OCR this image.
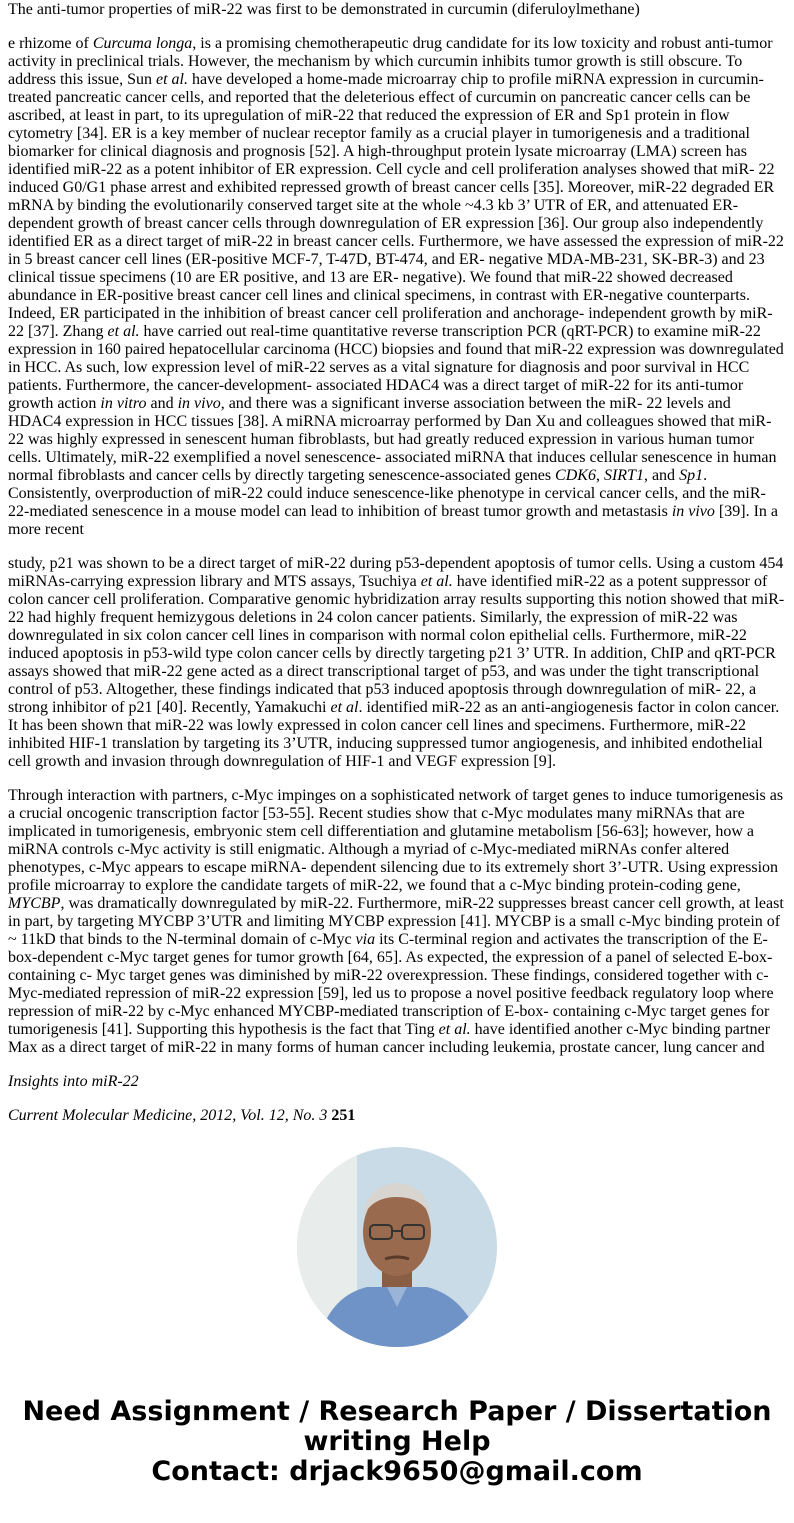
The anti-tumor properties of miR-22 was first to be demonstrated in curcumin (diferuloylmethane)

e rhizome of Curcuma longa, is a promising chemotherapeutic drug candidate for its low toxicity and robust anti-tumor activity in preclinical trials. However, the mechanism by which curcumin inhibits tumor growth is still obscure. To address this issue, Sun et al. have developed a home-made microarray chip to profile miRNA expression in curcumin-treated pancreatic cancer cells, and reported that the deleterious effect of curcumin on pancreatic cancer cells can be ascribed, at least in part, to its upregulation of miR-22 that reduced the expression of ER and Sp1 protein in flow cytometry [34]. ER is a key member of nuclear receptor family as a crucial player in tumorigenesis and a traditional biomarker for clinical diagnosis and prognosis [52]. A high-throughput protein lysate microarray (LMA) screen has identified miR-22 as a potent inhibitor of ER expression. Cell cycle and cell proliferation analyses showed that miR- 22 induced G0/G1 phase arrest and exhibited repressed growth of breast cancer cells [35]. Moreover, miR-22 degraded ER mRNA by binding the evolutionarily conserved target site at the whole ~4.3 kb 3’ UTR of ER, and attenuated ER-dependent growth of breast cancer cells through downregulation of ER expression [36]. Our group also independently identified ER as a direct target of miR-22 in breast cancer cells. Furthermore, we have assessed the expression of miR-22 in 5 breast cancer cell lines (ER-positive MCF-7, T-47D, BT-474, and ER- negative MDA-MB-231, SK-BR-3) and 23 clinical tissue specimens (10 are ER positive, and 13 are ER- negative). We found that miR-22 showed decreased abundance in ER-positive breast cancer cell lines and clinical specimens, in contrast with ER-negative counterparts. Indeed, ER participated in the inhibition of breast cancer cell proliferation and anchorage- independent growth by miR-22 [37]. Zhang et al. have carried out real-time quantitative reverse transcription PCR (qRT-PCR) to examine miR-22 expression in 160 paired hepatocellular carcinoma (HCC) biopsies and found that miR-22 expression was downregulated in HCC. As such, low expression level of miR-22 serves as a vital signature for diagnosis and poor survival in HCC patients. Furthermore, the cancer-development- associated HDAC4 was a direct target of miR-22 for its anti-tumor growth action in vitro and in vivo, and there was a significant inverse association between the miR- 22 levels and HDAC4 expression in HCC tissues [38]. A miRNA microarray performed by Dan Xu and colleagues showed that miR-22 was highly expressed in senescent human fibroblasts, but had greatly reduced expression in various human tumor cells. Ultimately, miR-22 exemplified a novel senescence- associated miRNA that induces cellular senescence in human normal fibroblasts and cancer cells by directly targeting senescence-associated genes CDK6, SIRT1, and Sp1. Consistently, overproduction of miR-22 could induce senescence-like phenotype in cervical cancer cells, and the miR-22-mediated senescence in a mouse model can lead to inhibition of breast tumor growth and metastasis in vivo [39]. In a more recent

study, p21 was shown to be a direct target of miR-22 during p53-dependent apoptosis of tumor cells. Using a custom 454 miRNAs-carrying expression library and MTS assays, Tsuchiya et al. have identified miR-22 as a potent suppressor of colon cancer cell proliferation. Comparative genomic hybridization array results supporting this notion showed that miR-22 had highly frequent hemizygous deletions in 24 colon cancer patients. Similarly, the expression of miR-22 was downregulated in six colon cancer cell lines in comparison with normal colon epithelial cells. Furthermore, miR-22 induced apoptosis in p53-wild type colon cancer cells by directly targeting p21 3’ UTR. In addition, ChIP and qRT-PCR assays showed that miR-22 gene acted as a direct transcriptional target of p53, and was under the tight transcriptional control of p53. Altogether, these findings indicated that p53 induced apoptosis through downregulation of miR- 22, a strong inhibitor of p21 [40]. Recently, Yamakuchi et al. identified miR-22 as an anti-angiogenesis factor in colon cancer. It has been shown that miR-22 was lowly expressed in colon cancer cell lines and specimens. Furthermore, miR-22 inhibited HIF-1 translation by targeting its 3’UTR, inducing suppressed tumor angiogenesis, and inhibited endothelial cell growth and invasion through downregulation of HIF-1 and VEGF expression [9].

Through interaction with partners, c-Myc impinges on a sophisticated network of target genes to induce tumorigenesis as a crucial oncogenic transcription factor [53-55]. Recent studies show that c-Myc modulates many miRNAs that are implicated in tumorigenesis, embryonic stem cell differentiation and glutamine metabolism [56-63]; however, how a miRNA controls c-Myc activity is still enigmatic. Although a myriad of c-Myc-mediated miRNAs confer altered phenotypes, c-Myc appears to escape miRNA- dependent silencing due to its extremely short 3’-UTR. Using expression profile microarray to explore the candidate targets of miR-22, we found that a c-Myc binding protein-coding gene, MYCBP, was dramatically downregulated by miR-22. Furthermore, miR-22 suppresses breast cancer cell growth, at least in part, by targeting MYCBP 3’UTR and limiting MYCBP expression [41]. MYCBP is a small c-Myc binding protein of ~ 11kD that binds to the N-terminal domain of c-Myc via its C-terminal region and activates the transcription of the E-box-dependent c-Myc target genes for tumor growth [64, 65]. As expected, the expression of a panel of selected E-box-containing c- Myc target genes was diminished by miR-22 overexpression. These findings, considered together with c-Myc-mediated repression of miR-22 expression [59], led us to propose a novel positive feedback regulatory loop where repression of miR-22 by c-Myc enhanced MYCBP-mediated transcription of E-box- containing c-Myc target genes for tumorigenesis [41]. Supporting this hypothesis is the fact that Ting et al. have identified another c-Myc binding partner Max as a direct target of miR-22 in many forms of human cancer including leukemia, prostate cancer, lung cancer and

Insights into miR-22

Current Molecular Medicine, 2012, Vol. 12, No. 3 251

Need Assignment / Research Paper / Dissertation writing Help
Contact: drjack9650@gmail.com
